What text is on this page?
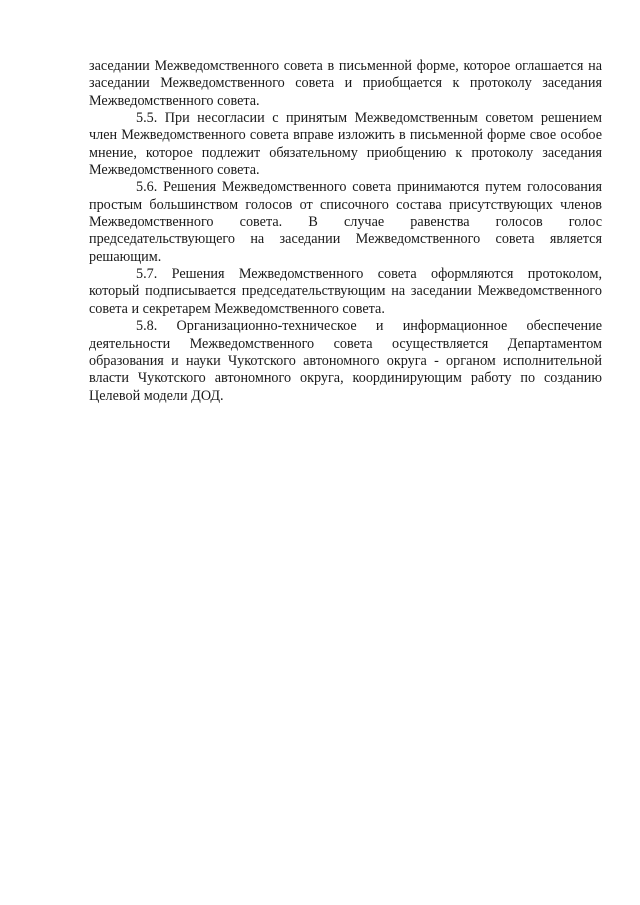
заседании Межведомственного совета в письменной форме, которое оглашается на заседании Межведомственного совета и приобщается к протоколу заседания Межведомственного совета.

5.5. При несогласии с принятым Межведомственным советом решением член Межведомственного совета вправе изложить в письменной форме свое особое мнение, которое подлежит обязательному приобщению к протоколу заседания Межведомственного совета.

5.6. Решения Межведомственного совета принимаются путем голосования простым большинством голосов от списочного состава присутствующих членов Межведомственного совета. В случае равенства голосов голос председательствующего на заседании Межведомственного совета является решающим.

5.7. Решения Межведомственного совета оформляются протоколом, который подписывается председательствующим на заседании Межведомственного совета и секретарем Межведомственного совета.

5.8. Организационно-техническое и информационное обеспечение деятельности Межведомственного совета осуществляется Департаментом образования и науки Чукотского автономного округа - органом исполнительной власти Чукотского автономного округа, координирующим работу по созданию Целевой модели ДОД.
